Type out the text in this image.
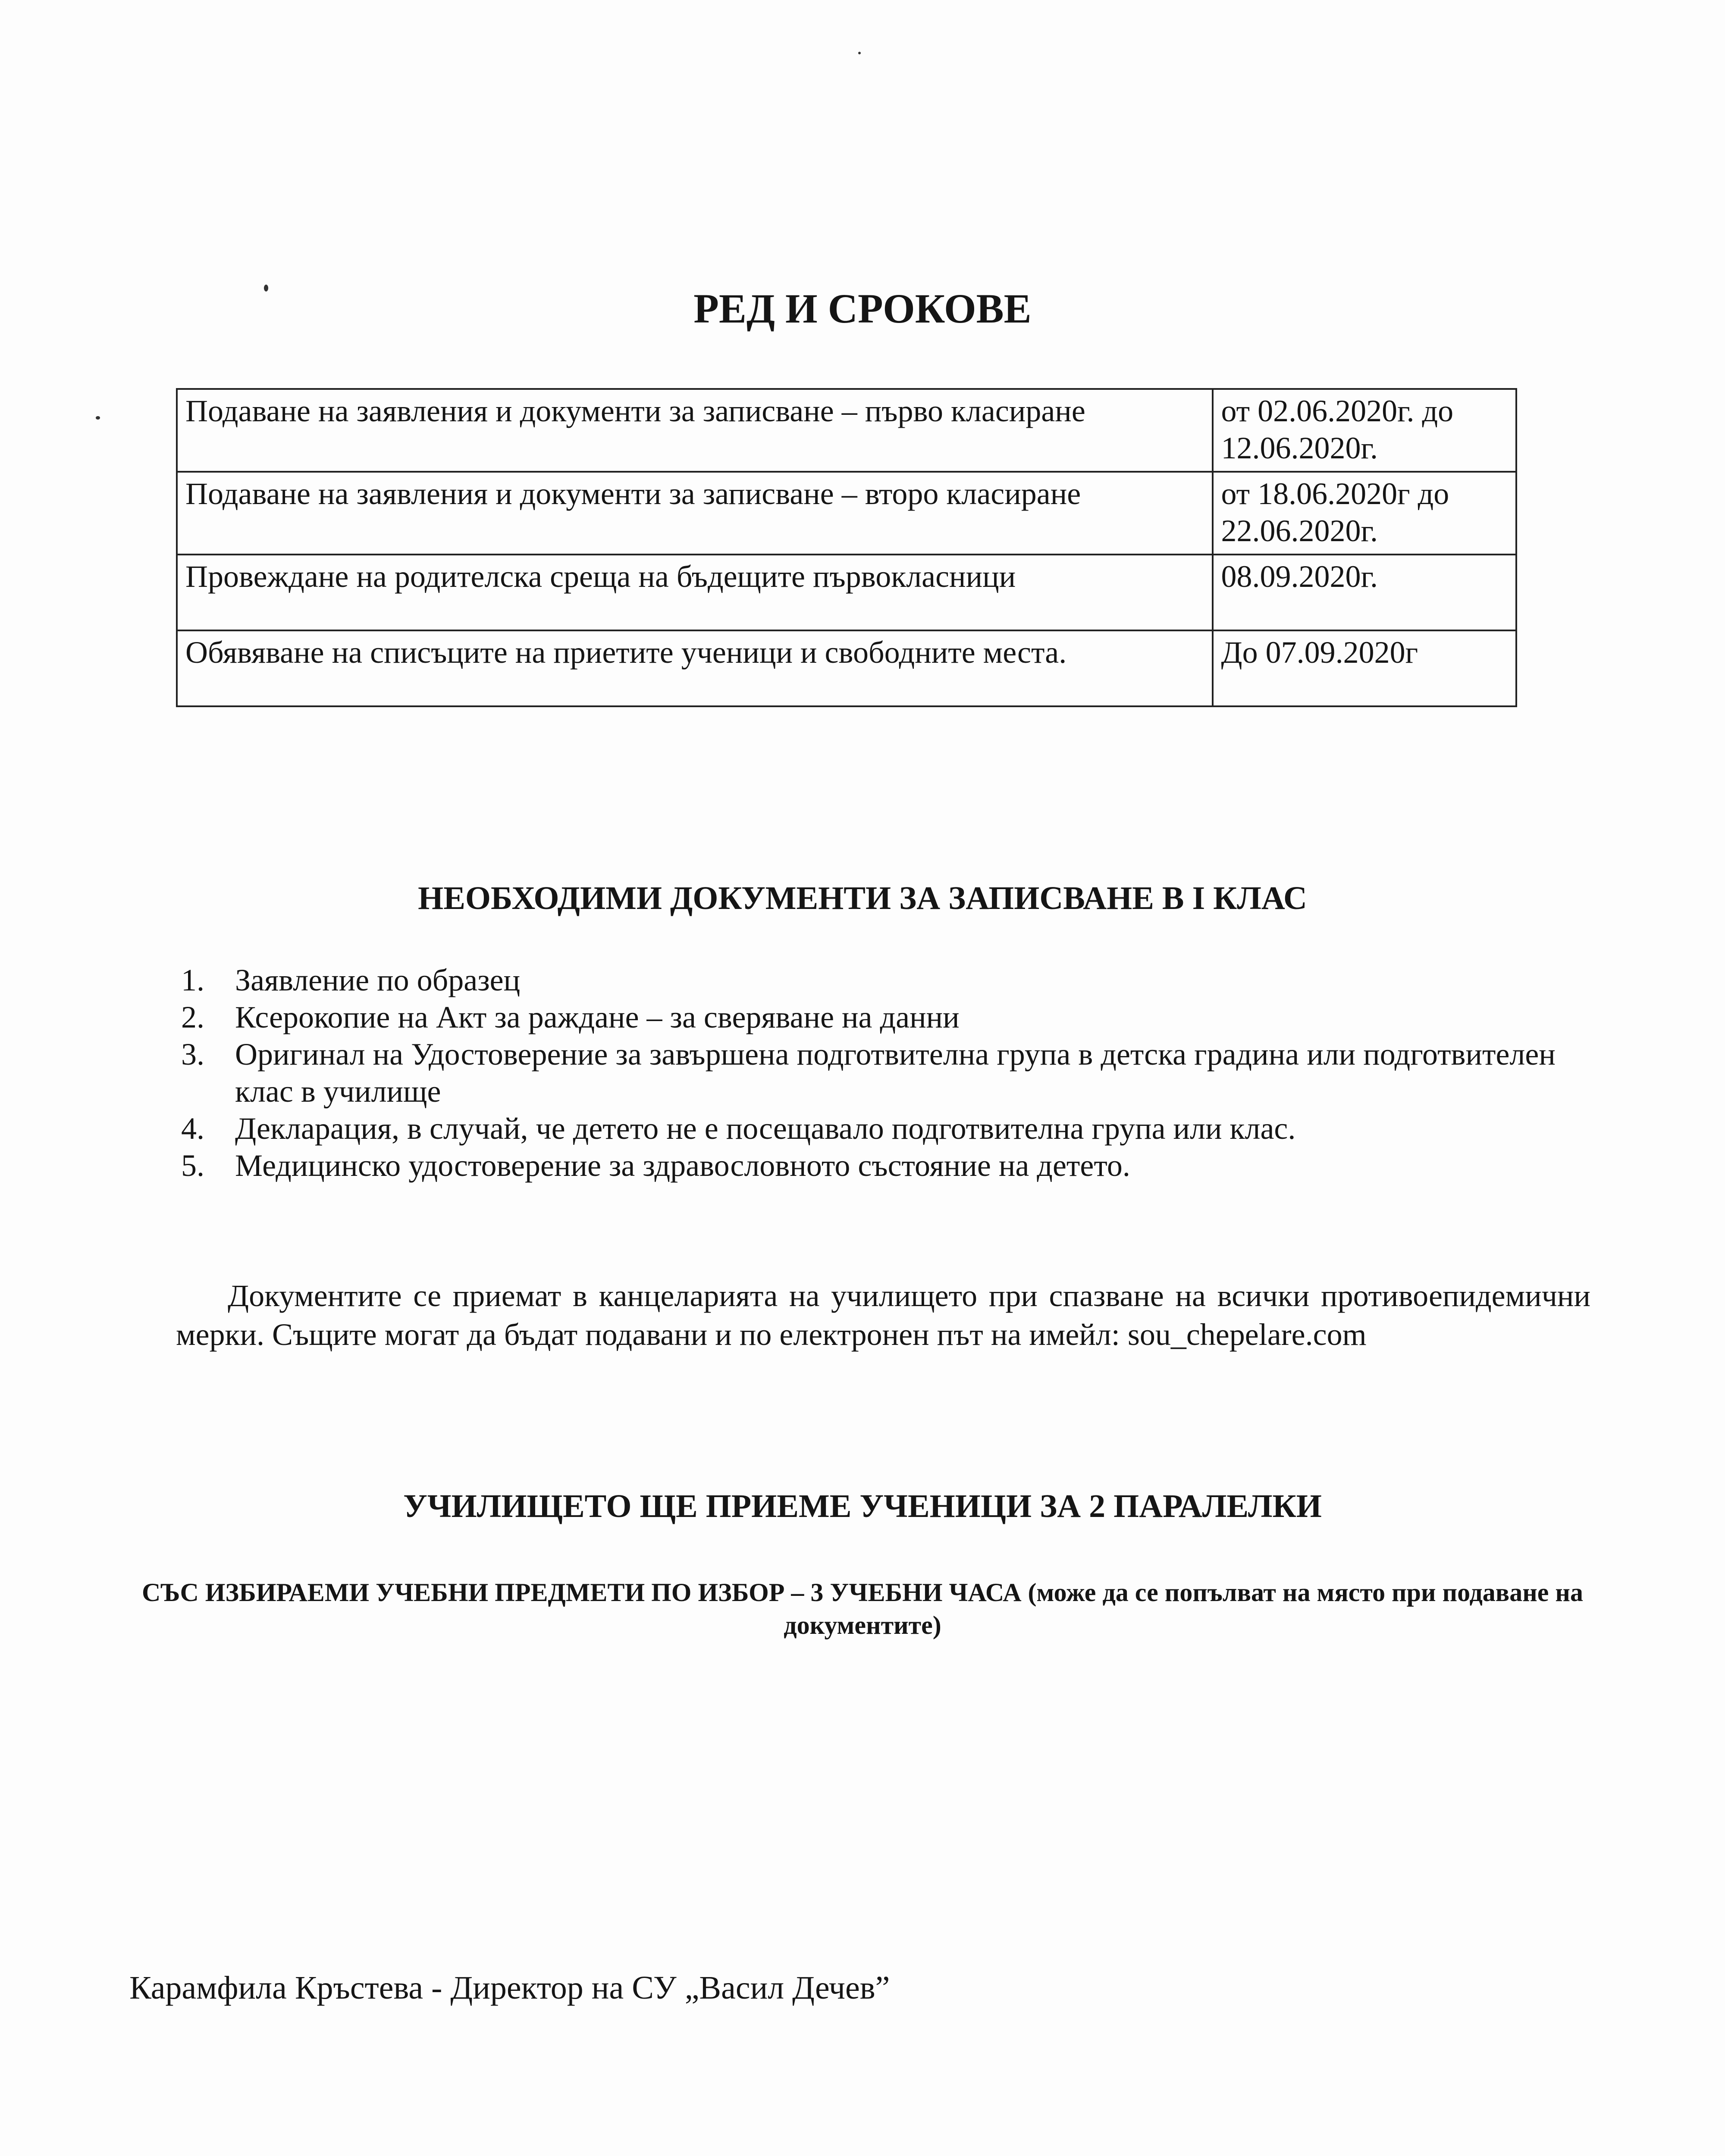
РЕД И СРОКОВЕ
Подаване на заявления и документи за записване – първо класиране	от 02.06.2020г. до 12.06.2020г.
Подаване на заявления и документи за записване – второ класиране	от 18.06.2020г до 22.06.2020г.
Провеждане на родителска среща на бъдещите първокласници	08.09.2020г.
Обявяване на списъците на приетите ученици и свободните места.	До 07.09.2020г
НЕОБХОДИМИ ДОКУМЕНТИ ЗА ЗАПИСВАНЕ В I КЛАС
1. Заявление по образец
2. Ксерокопие на Акт за раждане – за сверяване на данни
3. Оригинал на Удостоверение за завършена подготвителна група в детска градина или подготвителен клас в училище
4. Декларация, в случай, че детето не е посещавало подготвителна група или клас.
5. Медицинско удостоверение за здравословното състояние на детето.

Документите се приемат в канцеларията на училището при спазване на всички противоепидемични мерки. Същите могат да бъдат подавани и по електронен път на имейл: sou_chepelare.com

УЧИЛИЩЕТО ЩЕ ПРИЕМЕ УЧЕНИЦИ ЗА 2 ПАРАЛЕЛКИ

СЪС ИЗБИРАЕМИ УЧЕБНИ ПРЕДМЕТИ ПО ИЗБОР – 3 УЧЕБНИ ЧАСА (може да се попълват на място при подаване на документите)

Карамфила Кръстева - Директор на СУ „Васил Дечев”
